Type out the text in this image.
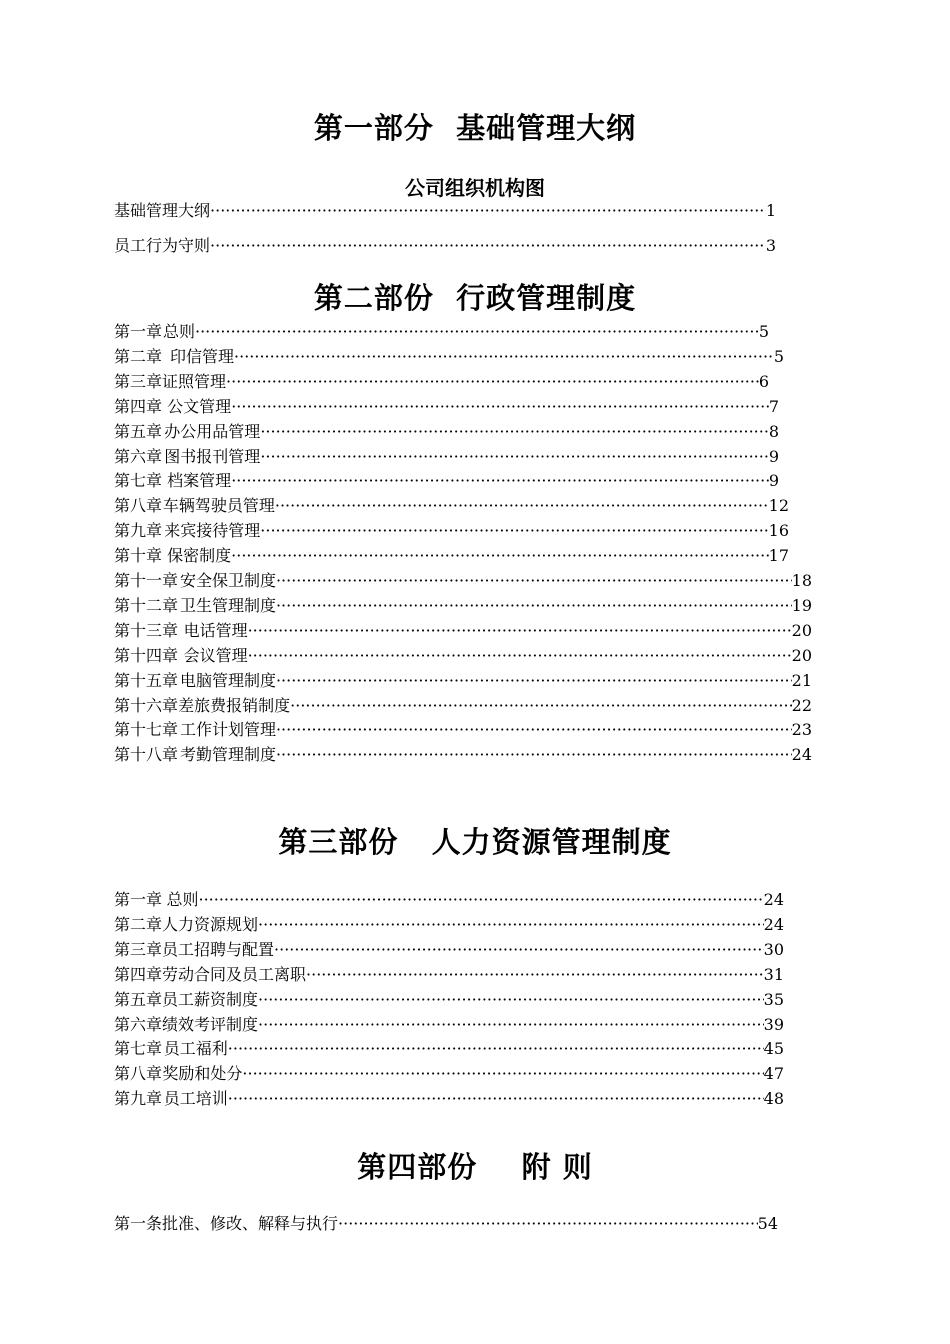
第一部分  基础管理大纲
公司组织机构图
基础管理大纲 ·····	1
员工行为守则 ·····	3
第二部份  行政管理制度
第一章 总则 ·····	5
第二章 印信管理 ·····	5
第三章 证照管理 ·····	6
第四章 公文管理 ·····	7
第五章 办公用品管理 ·····	8
第六章 图书报刊管理 ·····	9
第七章 档案管理 ·····	9
第八章 车辆驾驶员管理 ·····	12
第九章 来宾接待管理 ·····	16
第十章 保密制度 ·····	17
第十一章 安全保卫制度 ·····	18
第十二章 卫生管理制度 ·····	19
第十三章 电话管理 ·····	20
第十四章 会议管理 ·····	20
第十五章 电脑管理制度 ·····	21
第十六章 差旅费报销制度 ·····	22
第十七章 工作计划管理 ·····	23
第十八章 考勤管理制度 ·····	24
第三部份   人力资源管理制度
第一章 总则 ·····	24
第二章 人力资源规划 ·····	24
第三章 员工招聘与配置 ·····	30
第四章 劳动合同及员工离职 ·····	31
第五章 员工薪资制度 ·····	35
第六章 绩效考评制度 ·····	39
第七章 员工福利 ·····	45
第八章 奖励和处分 ·····	47
第九章 员工培训 ·····	48
第四部份    附 则
第一条 批准、修改、解释与执行 ·····	54
